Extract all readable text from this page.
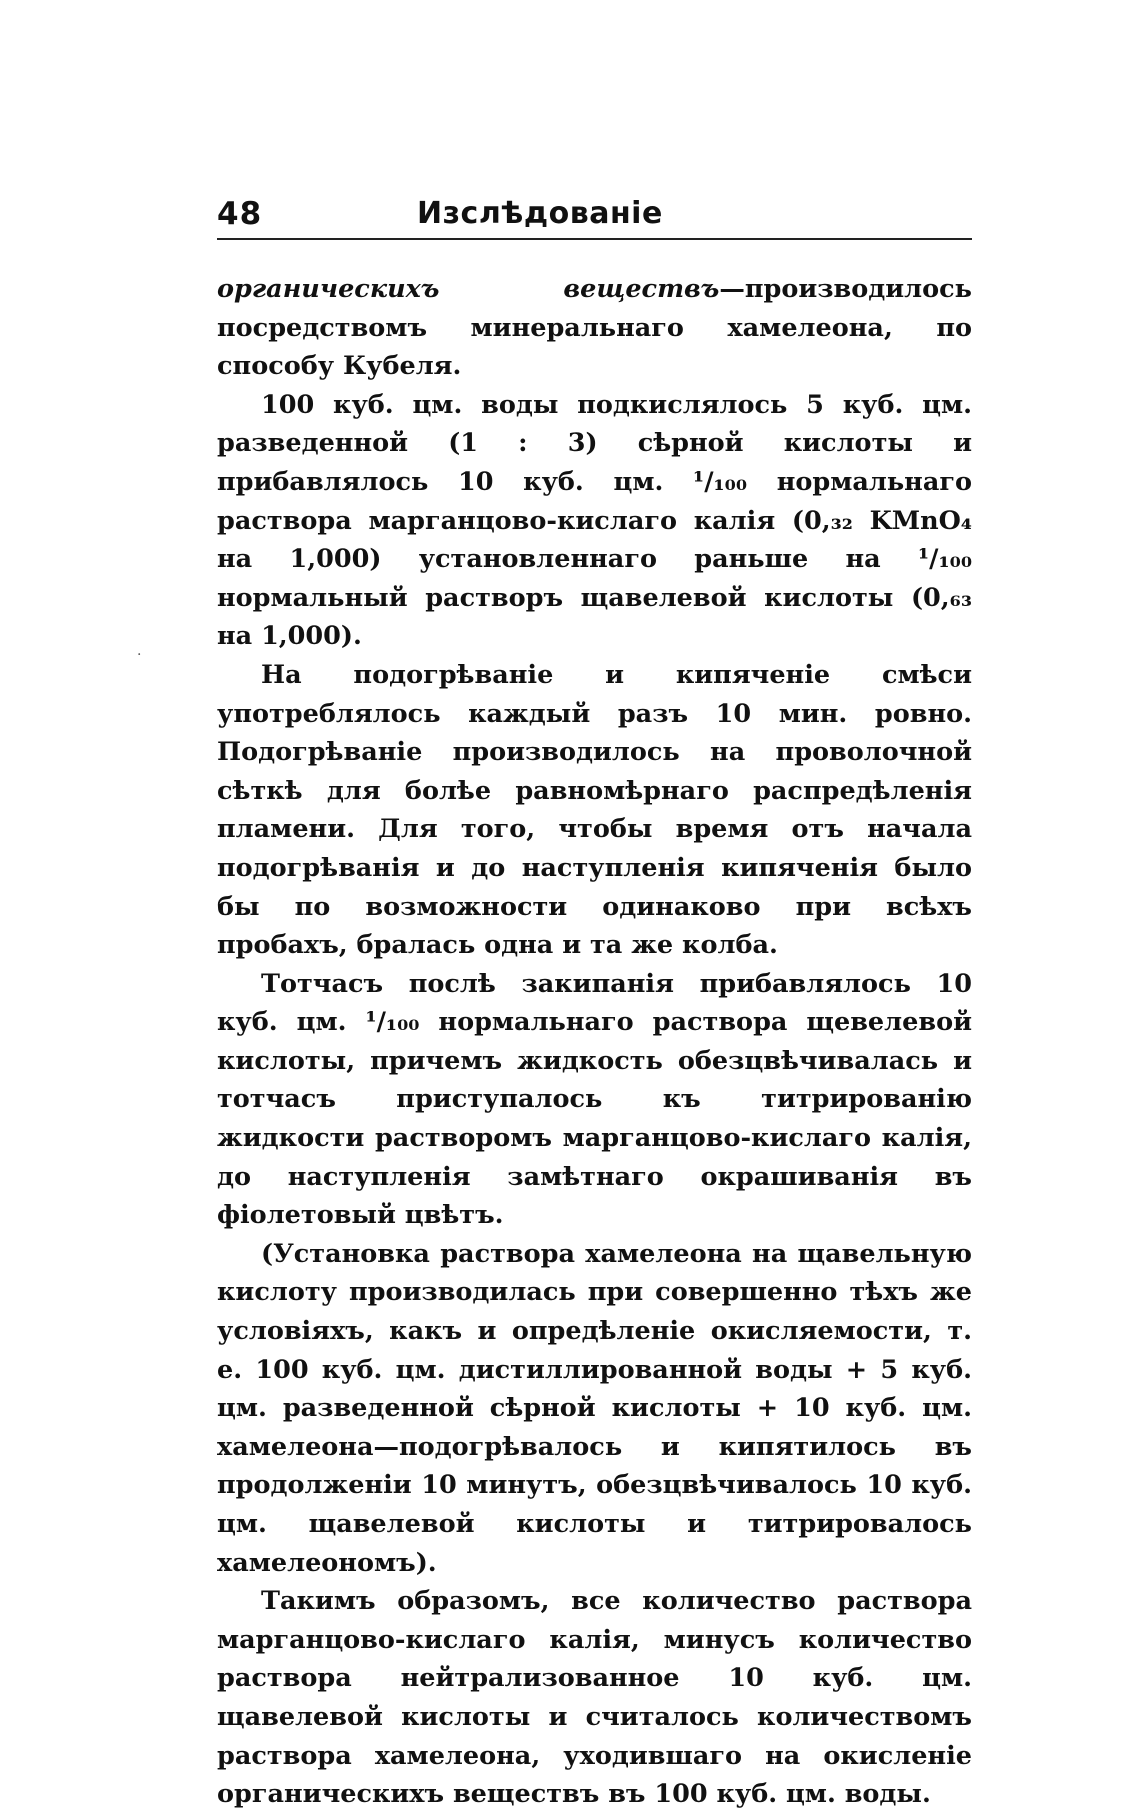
48	Изслѣдованіе
·

органическихъ веществъ—производилось посредствомъ минеральнаго хамелеона, по способу Кубеля.

100 куб. цм. воды подкислялось 5 куб. цм. разведенной (1 : 3) сѣрной кислоты и прибавлялось 10 куб. цм. ¹/₁₀₀ нормальнаго раствора марганцово-кислаго калія (0,₃₂ KMnO₄ на 1,000) установленнаго раньше на ¹/₁₀₀ нормальный растворъ щавелевой кислоты (0,₆₃ на 1,000).

На подогрѣваніе и кипяченіе смѣси употреблялось каждый разъ 10 мин. ровно. Подогрѣваніе производилось на проволочной сѣткѣ для болѣе равномѣрнаго распредѣленія пламени. Для того, чтобы время отъ начала подогрѣванія и до наступленія кипяченія было бы по возможности одинаково при всѣхъ пробахъ, бралась одна и та же колба.

Тотчасъ послѣ закипанія прибавлялось 10 куб. цм. ¹/₁₀₀ нормальнаго раствора щевелевой кислоты, причемъ жидкость обезцвѣчивалась и тотчасъ приступалось къ титрированію жидкости растворомъ марганцово-кислаго калія, до наступленія замѣтнаго окрашиванія въ фіолетовый цвѣтъ.

(Установка раствора хамелеона на щавельную кислоту производилась при совершенно тѣхъ же условіяхъ, какъ и опредѣленіе окисляемости, т. е. 100 куб. цм. дистиллированной воды + 5 куб. цм. разведенной сѣрной кислоты + 10 куб. цм. хамелеона—подогрѣвалось и кипятилось въ продолженіи 10 минутъ, обезцвѣчивалось 10 куб. цм. щавелевой кислоты и титрировалось хамелеономъ).

Такимъ образомъ, все количество раствора марганцово-кислаго калія, минусъ количество раствора нейтрализованное 10 куб. цм. щавелевой кислоты и считалось количествомъ раствора хамелеона, уходившаго на окисленіе органическихъ веществъ въ 100 куб. цм. воды.
